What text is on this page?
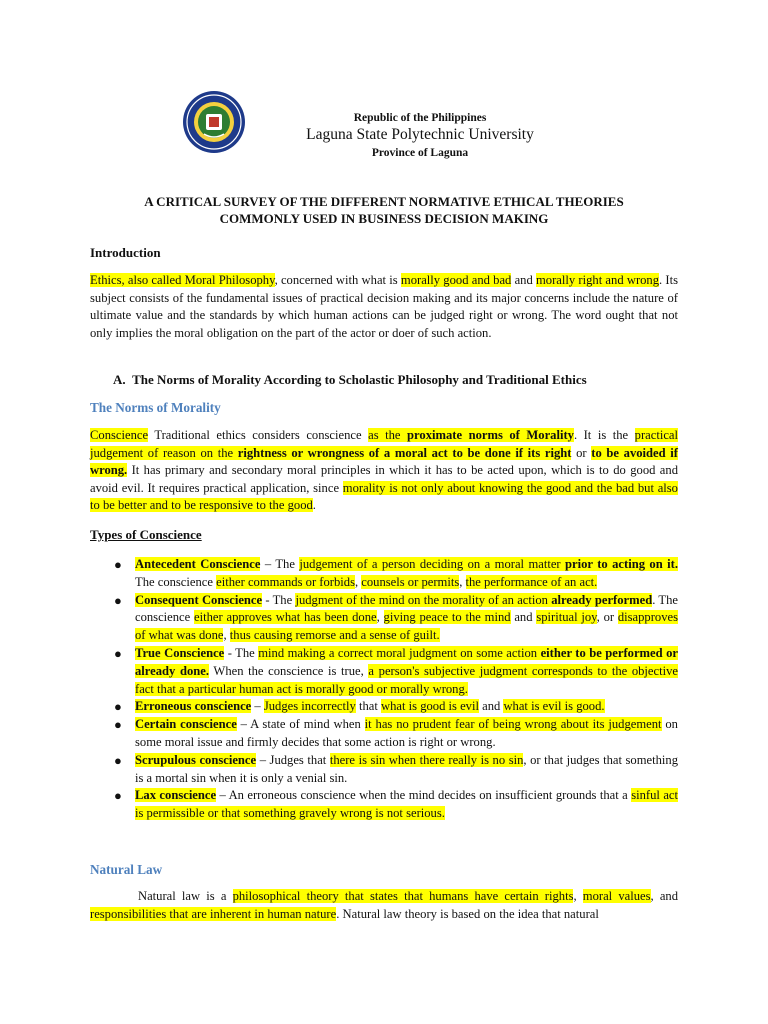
Republic of the Philippines
Laguna State Polytechnic University
Province of Laguna
A CRITICAL SURVEY OF THE DIFFERENT NORMATIVE ETHICAL THEORIES
COMMONLY USED IN BUSINESS DECISION MAKING
Introduction
Ethics, also called Moral Philosophy, concerned with what is morally good and bad and morally right and wrong. Its subject consists of the fundamental issues of practical decision making and its major concerns include the nature of ultimate value and the standards by which human actions can be judged right or wrong. The word ought that not only implies the moral obligation on the part of the actor or doer of such action.
A. The Norms of Morality According to Scholastic Philosophy and Traditional Ethics
The Norms of Morality
Conscience Traditional ethics considers conscience as the proximate norms of Morality. It is the practical judgement of reason on the rightness or wrongness of a moral act to be done if its right or to be avoided if wrong. It has primary and secondary moral principles in which it has to be acted upon, which is to do good and avoid evil. It requires practical application, since morality is not only about knowing the good and the bad but also to be better and to be responsive to the good.
Types of Conscience
● Antecedent Conscience – The judgement of a person deciding on a moral matter prior to acting on it. The conscience either commands or forbids, counsels or permits, the performance of an act.
● Consequent Conscience - The judgment of the mind on the morality of an action already performed. The conscience either approves what has been done, giving peace to the mind and spiritual joy, or disapproves of what was done, thus causing remorse and a sense of guilt.
● True Conscience - The mind making a correct moral judgment on some action either to be performed or already done. When the conscience is true, a person's subjective judgment corresponds to the objective fact that a particular human act is morally good or morally wrong.
● Erroneous conscience – Judges incorrectly that what is good is evil and what is evil is good.
● Certain conscience – A state of mind when it has no prudent fear of being wrong about its judgement on some moral issue and firmly decides that some action is right or wrong.
● Scrupulous conscience – Judges that there is sin when there really is no sin, or that judges that something is a mortal sin when it is only a venial sin.
● Lax conscience – An erroneous conscience when the mind decides on insufficient grounds that a sinful act is permissible or that something gravely wrong is not serious.
Natural Law
Natural law is a philosophical theory that states that humans have certain rights, moral values, and responsibilities that are inherent in human nature. Natural law theory is based on the idea that natural
